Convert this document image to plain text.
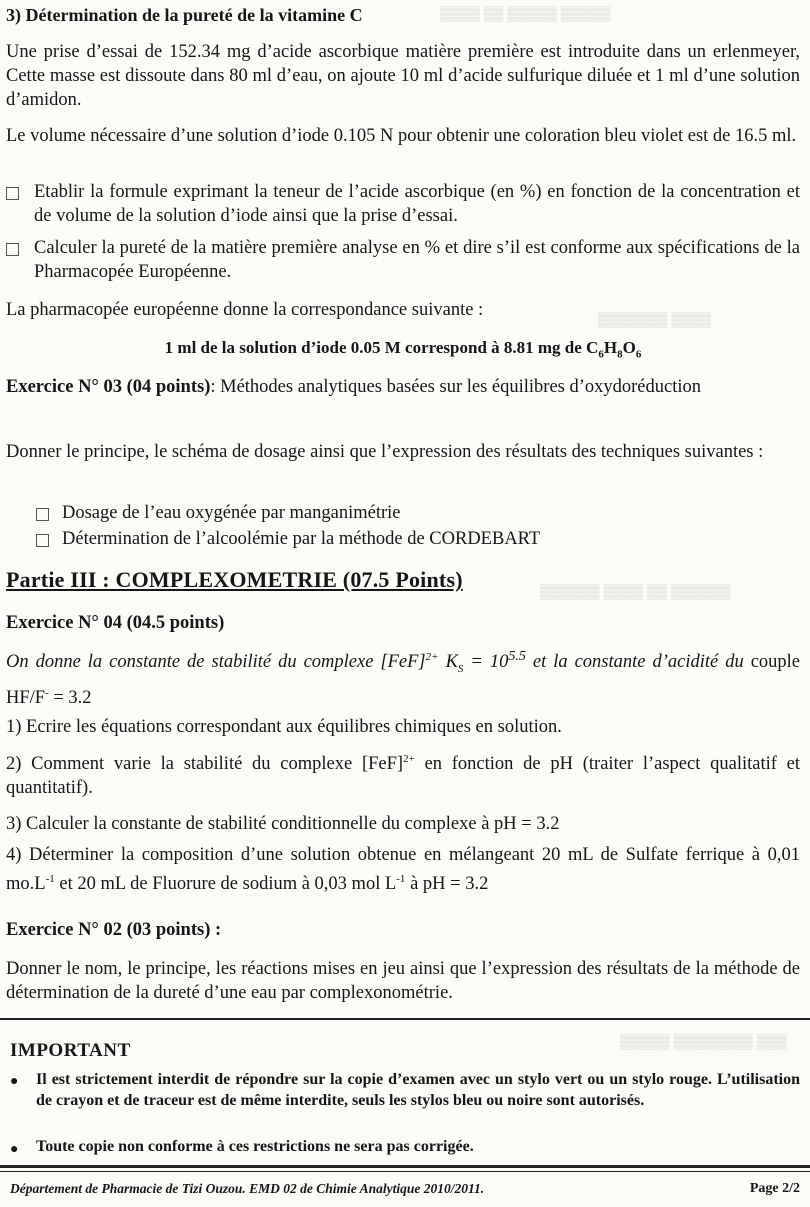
▒▒▒▒ ▒▒ ▒▒▒▒▒ ▒▒▒▒▒
▒▒▒▒▒▒▒ ▒▒▒▒
▒▒▒▒▒▒ ▒▒▒▒ ▒▒ ▒▒▒▒▒▒
▒▒▒▒▒ ▒▒▒▒▒▒▒▒ ▒▒▒
3) Détermination de la pureté de la vitamine C

Une prise d’essai de 152.34 mg d’acide ascorbique matière première est introduite dans un erlenmeyer, Cette masse est dissoute dans 80 ml d’eau, on ajoute 10 ml d’acide sulfurique diluée et 1 ml d’une solution d’amidon.

Le volume nécessaire d’une solution d’iode 0.105 N pour obtenir une coloration bleu violet est de 16.5 ml.

Etablir la formule exprimant la teneur de l’acide ascorbique (en %) en fonction de la concentration et de volume de la solution d’iode ainsi que la prise d’essai.

Calculer la pureté de la matière première analyse en % et dire s’il est conforme aux spécifications de la Pharmacopée Européenne.

La pharmacopée européenne donne la correspondance suivante :

1 ml de la solution d’iode 0.05 M correspond à 8.81 mg de $C_6H_8O_6$

Exercice N° 03 (04 points): Méthodes analytiques basées sur les équilibres d’oxydoréduction

Donner le principe, le schéma de dosage ainsi que l’expression des résultats des techniques suivantes :

Dosage de l’eau oxygénée par manganimétrie
Détermination de l’alcoolémie par la méthode de CORDEBART
Partie III : COMPLEXOMETRIE (07.5 Points)
Exercice N° 04 (04.5 points)

On donne la constante de stabilité du complexe [FeF]$^{2+}$ $K_S = 10^{5.5}$ et la constante d’acidité du couple HF/F- = 3.2

1) Ecrire les équations correspondant aux équilibres chimiques en solution.

2) Comment varie la stabilité du complexe [FeF]$^{2+}$ en fonction de pH (traiter l’aspect qualitatif et quantitatif).

3) Calculer la constante de stabilité conditionnelle du complexe à pH = 3.2

4) Déterminer la composition d’une solution obtenue en mélangeant 20 mL de Sulfate ferrique à 0,01 $mo.L^{-1}$ et 20 mL de Fluorure de sodium à 0,03 mol $L^{-1}$ à pH = 3.2

Exercice N° 02 (03 points) :

Donner le nom, le principe, les réactions mises en jeu ainsi que l’expression des résultats de la méthode de détermination de la dureté d’une eau par complexonométrie.

IMPORTANT
● Il est strictement interdit de répondre sur la copie d’examen avec un stylo vert ou un stylo rouge. L’utilisation de crayon et de traceur est de même interdite, seuls les stylos bleu ou noire sont autorisés.

● Toute copie non conforme à ces restrictions ne sera pas corrigée.

Département de Pharmacie de Tizi Ouzou. EMD 02 de Chimie Analytique 2010/2011.	Page 2/2
